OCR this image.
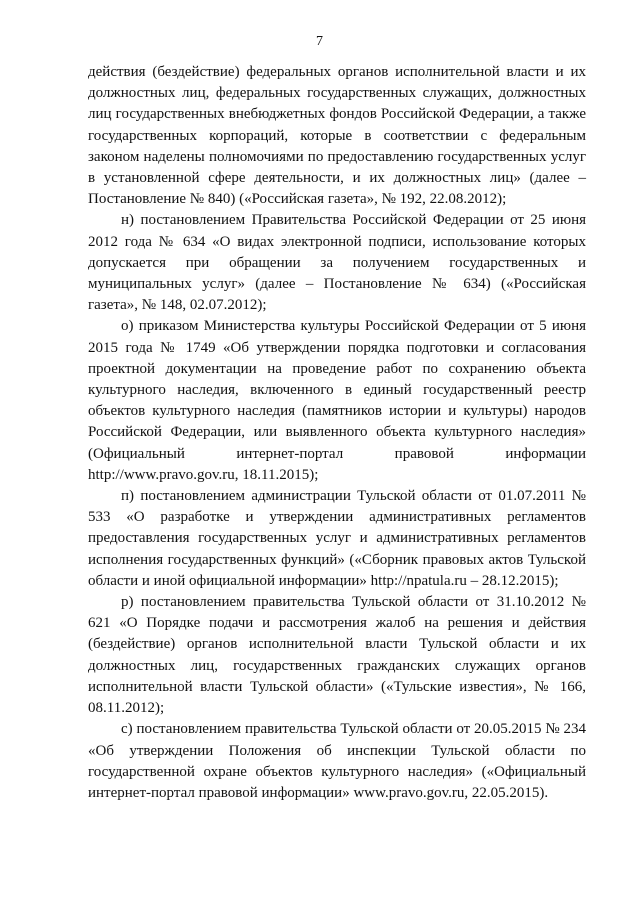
7

действия (бездействие) федеральных органов исполнительной власти и их должностных лиц, федеральных государственных служащих, должностных лиц государственных внебюджетных фондов Российской Федерации, а также государственных корпораций, которые в соответствии с федеральным законом наделены полномочиями по предоставлению государственных услуг в установленной сфере деятельности, и их должностных лиц» (далее – Постановление № 840) («Российская газета», № 192, 22.08.2012);

н) постановлением Правительства Российской Федерации от 25 июня 2012 года № 634 «О видах электронной подписи, использование которых допускается при обращении за получением государственных и муниципальных услуг» (далее – Постановление № 634) («Российская газета», № 148, 02.07.2012);

о) приказом Министерства культуры Российской Федерации от 5 июня 2015 года № 1749 «Об утверждении порядка подготовки и согласования проектной документации на проведение работ по сохранению объекта культурного наследия, включенного в единый государственный реестр объектов культурного наследия (памятников истории и культуры) народов Российской Федерации, или выявленного объекта культурного наследия» (Официальный интернет-портал правовой информации http://www.pravo.gov.ru, 18.11.2015);

п) постановлением администрации Тульской области от 01.07.2011 № 533 «О разработке и утверждении административных регламентов предоставления государственных услуг и административных регламентов исполнения государственных функций» («Сборник правовых актов Тульской области и иной официальной информации» http://npatula.ru – 28.12.2015);

р) постановлением правительства Тульской области от 31.10.2012 № 621 «О Порядке подачи и рассмотрения жалоб на решения и действия (бездействие) органов исполнительной власти Тульской области и их должностных лиц, государственных гражданских служащих органов исполнительной власти Тульской области» («Тульские известия», № 166, 08.11.2012);

с) постановлением правительства Тульской области от 20.05.2015 № 234 «Об утверждении Положения об инспекции Тульской области по государственной охране объектов культурного наследия» («Официальный интернет-портал правовой информации» www.pravo.gov.ru, 22.05.2015).
